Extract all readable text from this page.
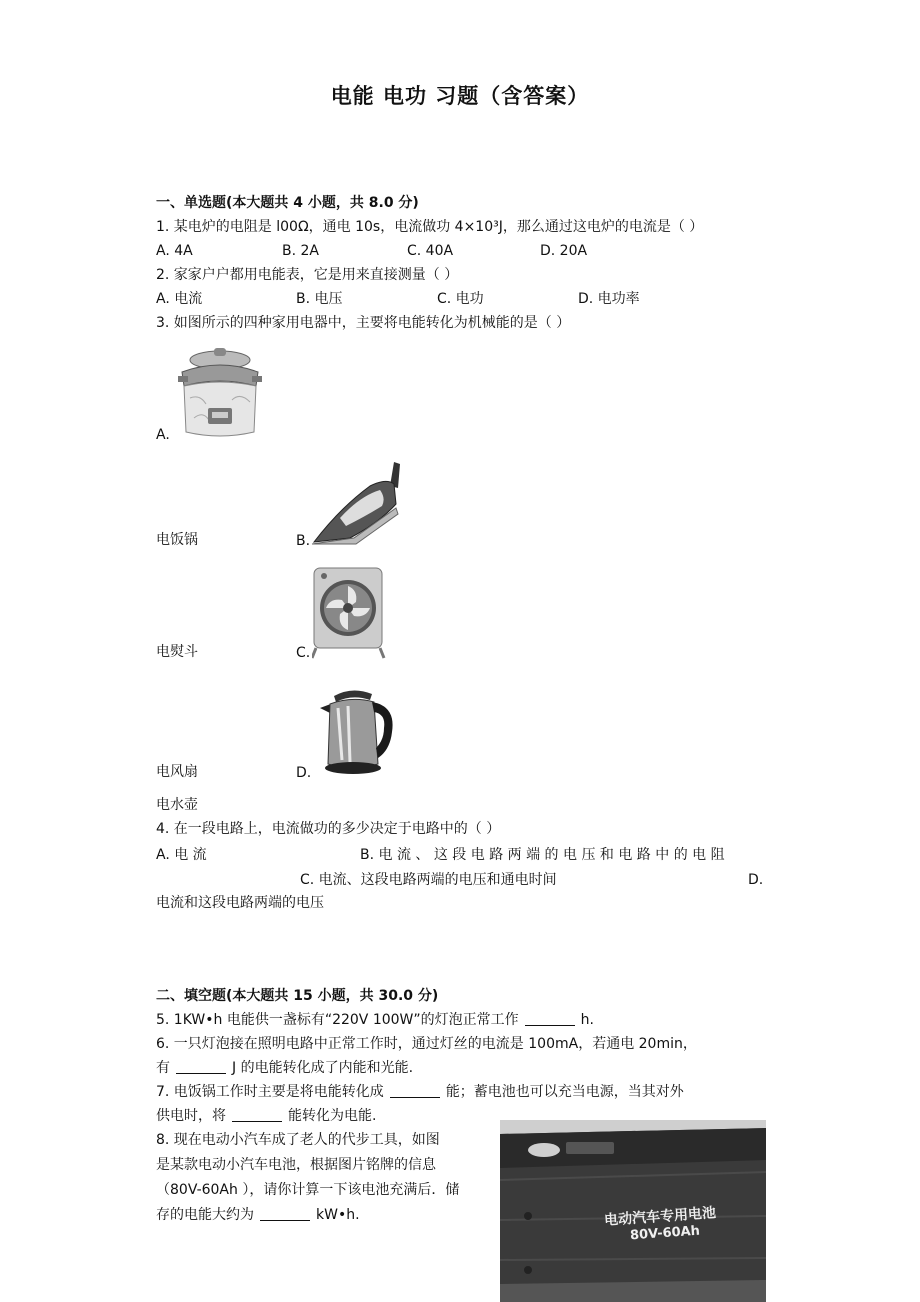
电能 电功 习题（含答案）
一、单选题(本大题共 4 小题，共 8.0 分)
1. 某电炉的电阻是 l00Ω，通电 10s，电流做功 4×10³J，那么通过这电炉的电流是（ ）
A. 4A	B. 2A	C. 40A	D. 20A
2. 家家户户都用电能表，它是用来直接测量（ ）
A. 电流	B. 电压	C. 电功	D. 电功率
3. 如图所示的四种家用电器中，主要将电能转化为机械能的是（ ）
A.
电饭锅	B.
电熨斗	C.
电风扇	D.
电水壶
4. 在一段电路上，电流做功的多少决定于电路中的（ ）
A. 电 流	B. 电 流 、 这 段 电 路 两 端 的 电 压 和 电 路 中 的 电 阻
C. 电流、这段电路两端的电压和通电时间	D.
电流和这段电路两端的电压
二、填空题(本大题共 15 小题，共 30.0 分)
5. 1KW•h 电能供一盏标有“220V 100W”的灯泡正常工作	h.
6. 一只灯泡接在照明电路中正常工作时，通过灯丝的电流是 100mA，若通电 20min，
有	J 的电能转化成了内能和光能.
7. 电饭锅工作时主要是将电能转化成	能；蓄电池也可以充当电源，当其对外
供电时，将	能转化为电能.
8. 现在电动小汽车成了老人的代步工具，如图
是某款电动小汽车电池，根据图片铭牌的信息
（80V-60Ah ），请你计算一下该电池充满后．储
存的电能大约为	kW•h.	电动汽车专用电池
80V-60Ah
